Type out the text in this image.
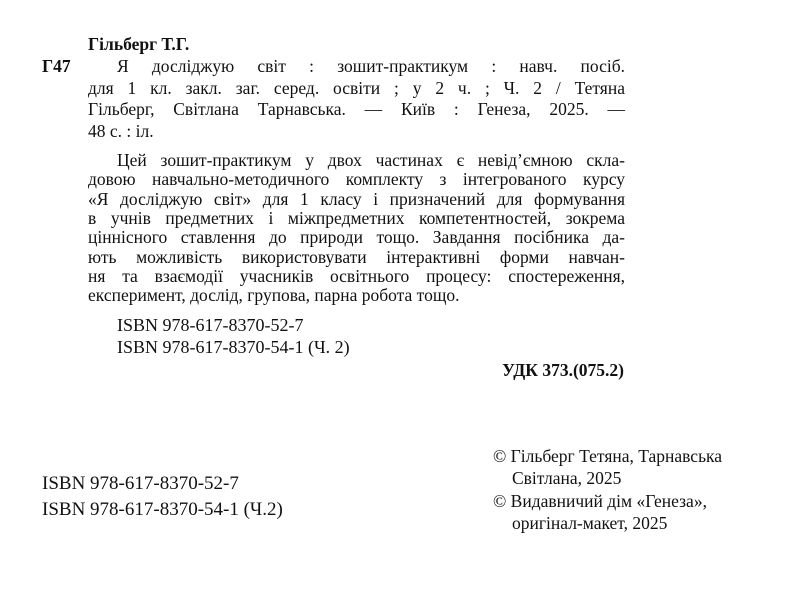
Гільберг Т.Г.
Г47	Я досліджую світ : зошит-практикум : навч. посіб.
для 1 кл. закл. заг. серед. освіти ; у 2 ч. ; Ч. 2 / Тетяна
Гільберг, Світлана Тарнавська. — Київ : Генеза, 2025. —
48 с. : іл.
Цей зошит-практикум у двох частинах є невід’ємною скла-
довою навчально-методичного комплекту з інтегрованого курсу
«Я досліджую світ» для 1 класу і призначений для формування
в учнів предметних і міжпредметних компетентностей, зокрема
ціннісного ставлення до природи тощо. Завдання посібника да-
ють можливість використовувати інтерактивні форми навчан-
ня та взаємодії учасників освітнього процесу: спостереження,
експеримент, дослід, групова, парна робота тощо.
ISBN 978-617-8370-52-7
ISBN 978-617-8370-54-1 (Ч. 2)
УДК 373.(075.2)
ISBN 978-617-8370-52-7
ISBN 978-617-8370-54-1 (Ч.2)
© Гільберг Тетяна, Тарнавська
Світлана, 2025
© Видавничий дім «Генеза»,
оригінал-макет, 2025
